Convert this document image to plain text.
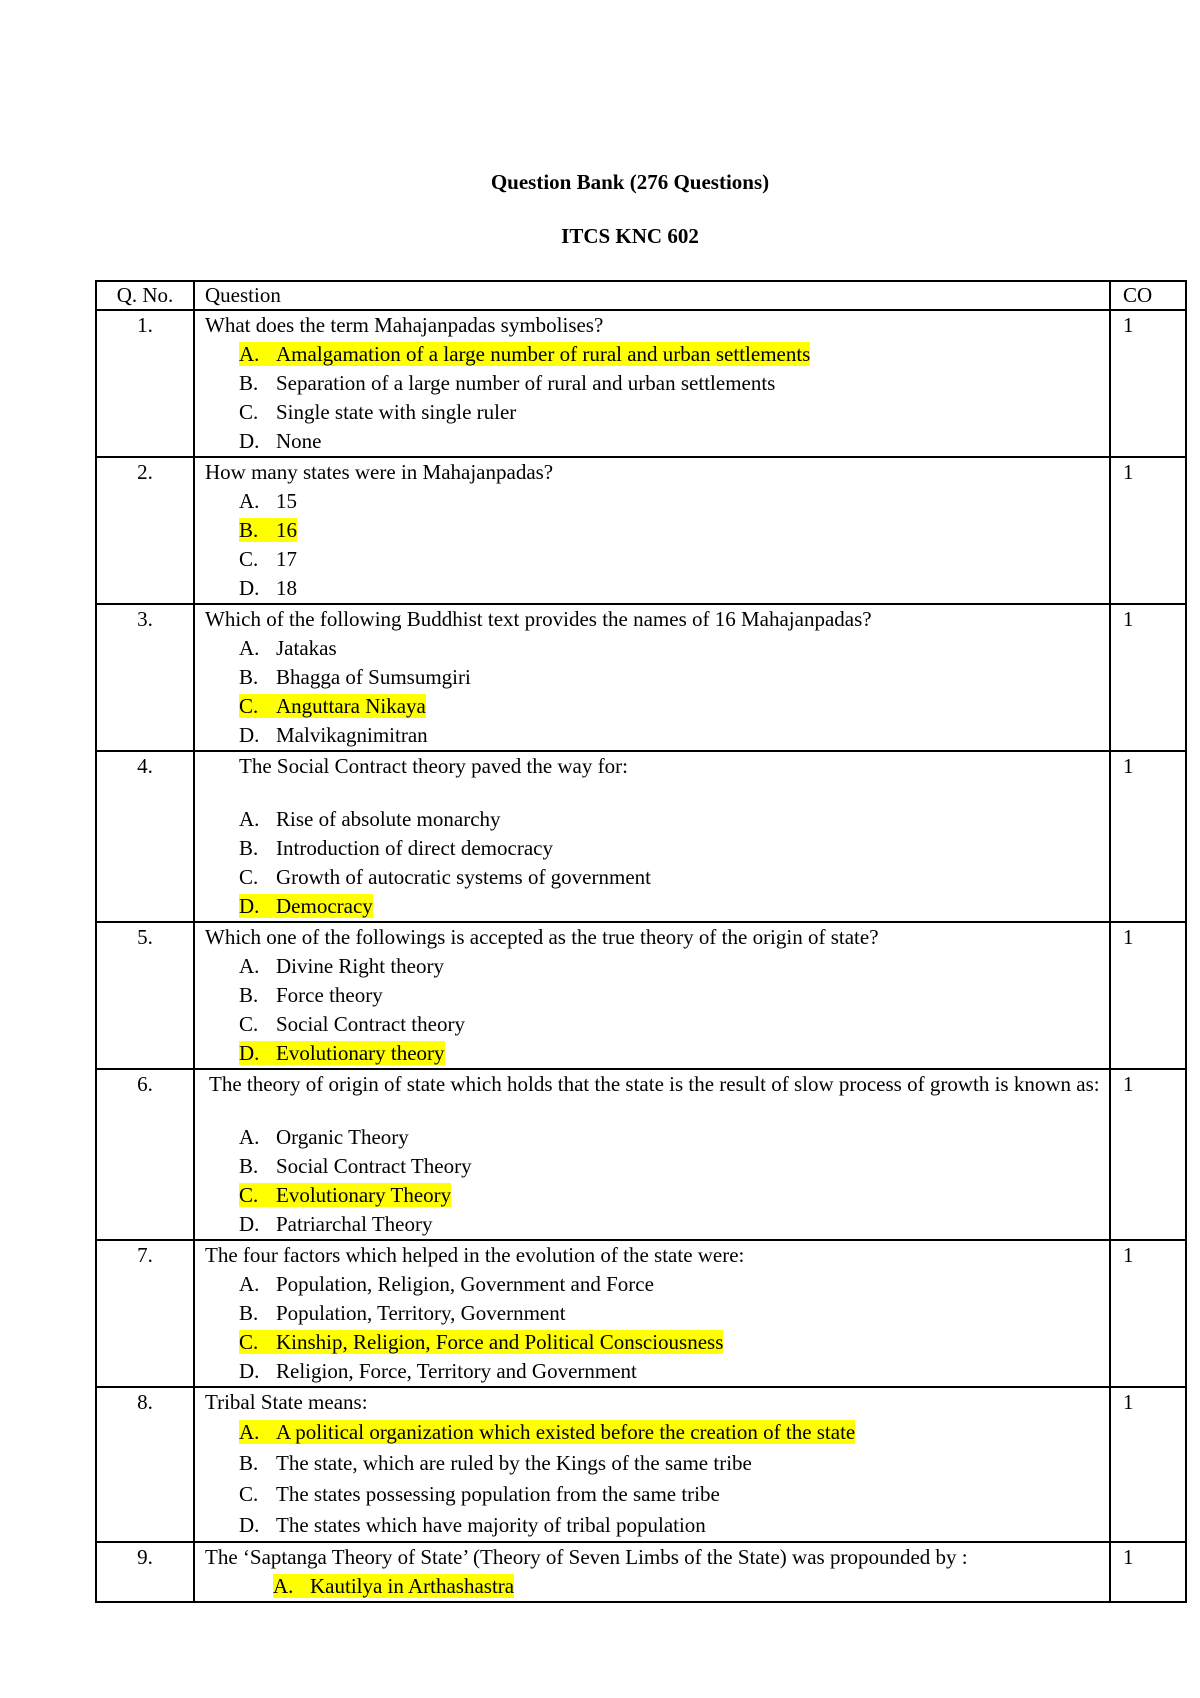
Question Bank (276 Questions)
ITCS KNC 602
Q. No.	Question	CO
1.	What does the term Mahajanpadas symbolises?
A. Amalgamation of a large number of rural and urban settlements
B. Separation of a large number of rural and urban settlements
C. Single state with single ruler
D. None	1
2.	How many states were in Mahajanpadas?
A. 15
B. 16
C. 17
D. 18	1
3.	Which of the following Buddhist text provides the names of 16 Mahajanpadas?
A. Jatakas
B. Bhagga of Sumsumgiri
C. Anguttara Nikaya
D. Malvikagnimitran	1
4.	The Social Contract theory paved the way for:
A. Rise of absolute monarchy
B. Introduction of direct democracy
C. Growth of autocratic systems of government
D. Democracy	1
5.	Which one of the followings is accepted as the true theory of the origin of state?
A. Divine Right theory
B. Force theory
C. Social Contract theory
D. Evolutionary theory	1
6.	The theory of origin of state which holds that the state is the result of slow process of growth is known as:
A. Organic Theory
B. Social Contract Theory
C. Evolutionary Theory
D. Patriarchal Theory	1
7.	The four factors which helped in the evolution of the state were:
A. Population, Religion, Government and Force
B. Population, Territory, Government
C. Kinship, Religion, Force and Political Consciousness
D. Religion, Force, Territory and Government	1
8.	Tribal State means:
A. A political organization which existed before the creation of the state
B. The state, which are ruled by the Kings of the same tribe
C. The states possessing population from the same tribe
D. The states which have majority of tribal population	1
9.	The ‘Saptanga Theory of State’ (Theory of Seven Limbs of the State) was propounded by :
A. Kautilya in Arthashastra	1
